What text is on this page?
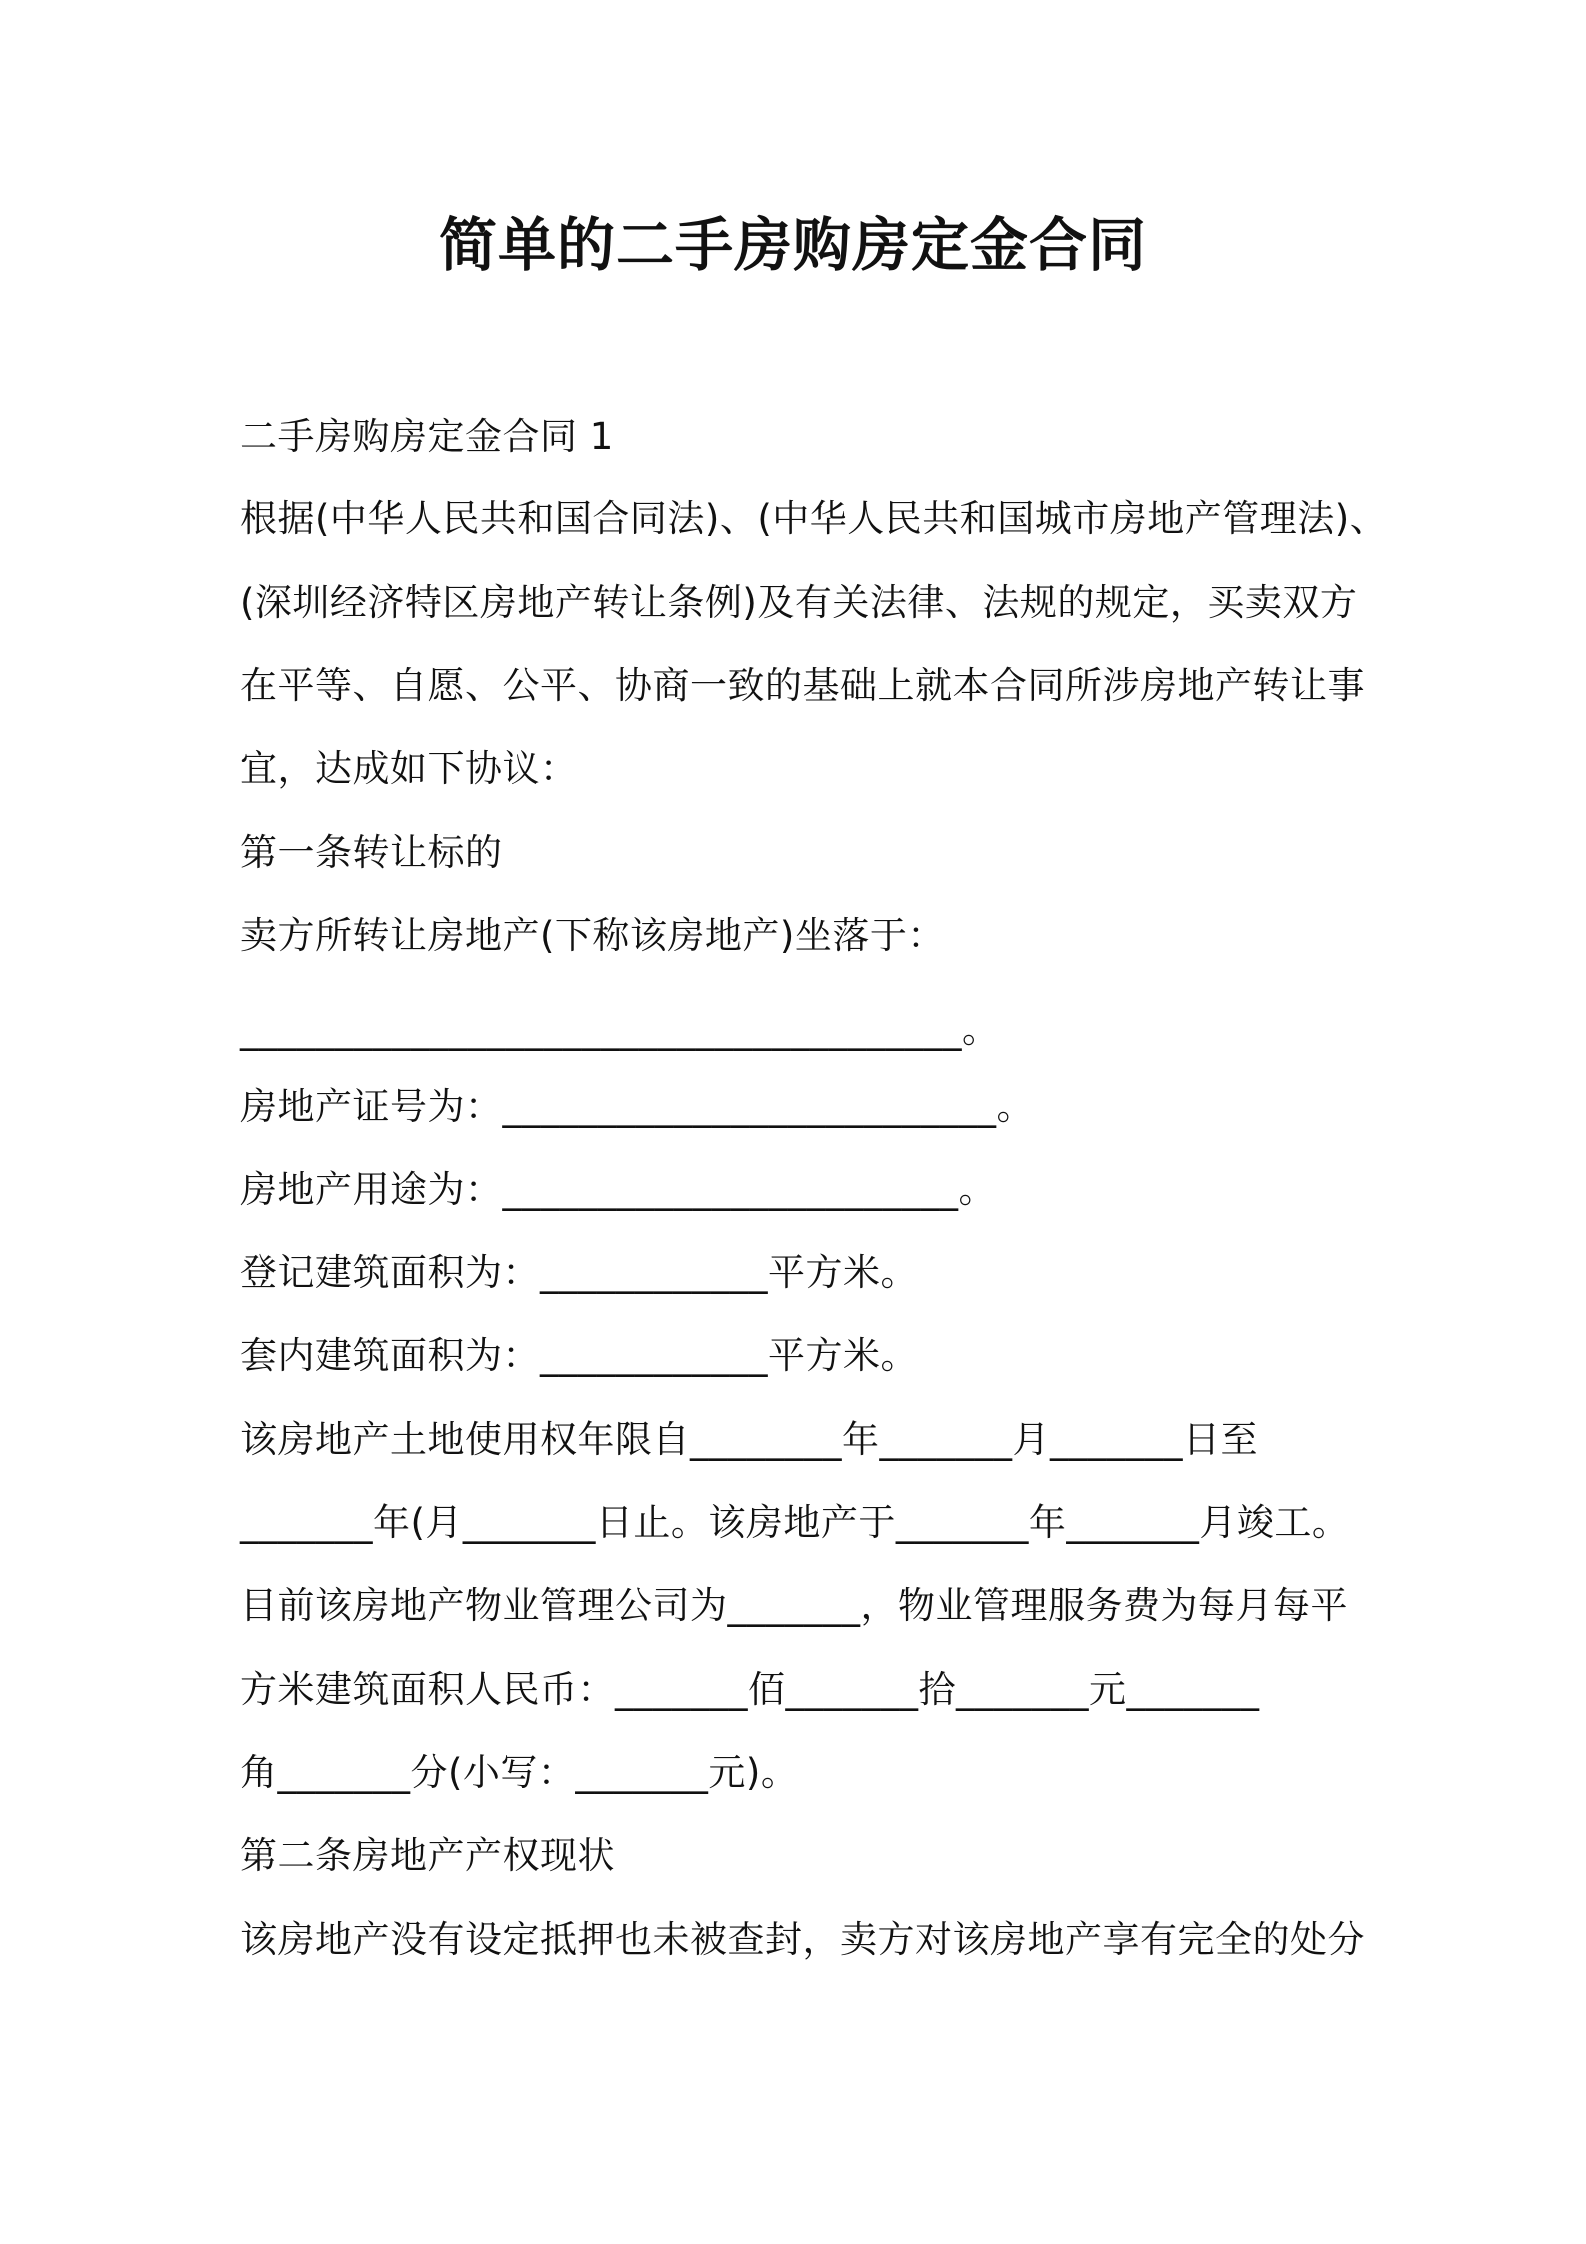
简单的二手房购房定金合同
二手房购房定金合同 1
根据(中华人民共和国合同法)、(中华人民共和国城市房地产管理法)、
(深圳经济特区房地产转让条例)及有关法律、法规的规定，买卖双方
在平等、自愿、公平、协商一致的基础上就本合同所涉房地产转让事
宜，达成如下协议：
第一条转让标的
卖方所转让房地产(下称该房地产)坐落于：
______________________________________。
房地产证号为：__________________________。
房地产用途为：________________________。
登记建筑面积为：____________平方米。
套内建筑面积为：____________平方米。
该房地产土地使用权年限自________年_______月_______日至
_______年(月_______日止。该房地产于_______年_______月竣工。
目前该房地产物业管理公司为_______，物业管理服务费为每月每平
方米建筑面积人民币：_______佰_______拾_______元_______
角_______分(小写：_______元)。
第二条房地产产权现状
该房地产没有设定抵押也未被查封，卖方对该房地产享有完全的处分
